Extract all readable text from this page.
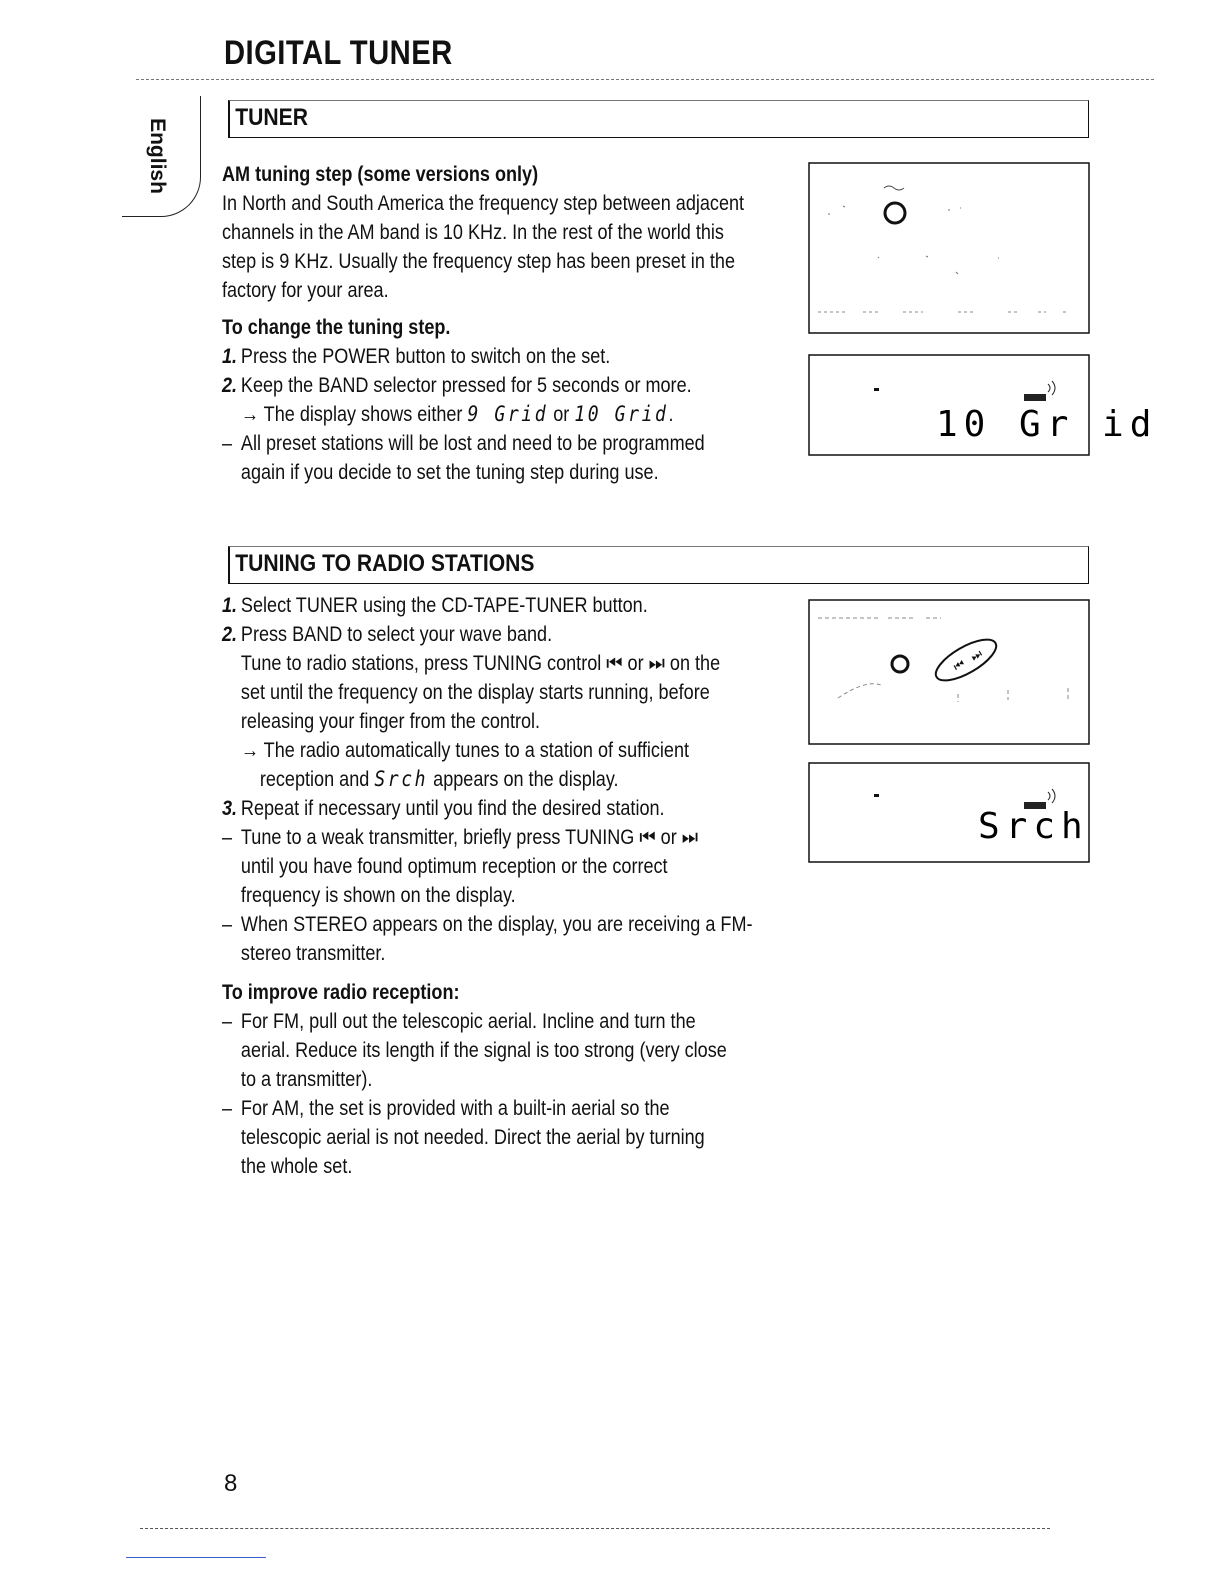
DIGITAL TUNER
English
TUNER

AM tuning step (some versions only)

In North and South America the frequency step between adjacent

channels in the AM band is 10 KHz. In the rest of the world this

step is 9 KHz. Usually the frequency step has been preset in the

factory for your area.

To change the tuning step.

1. Press the POWER button to switch on the set.

2. Keep the BAND selector pressed for 5 seconds or more.

→ The display shows either 9 Grid or 10 Grid.

– All preset stations will be lost and need to be programmed

again if you decide to set the tuning step during use.

10 Gr id
TUNING TO RADIO STATIONS

1. Select TUNER using the CD-TAPE-TUNER button.

2. Press BAND to select your wave band.

Tune to radio stations, press TUNING control ⏮ or ⏭ on the

set until the frequency on the display starts running, before

releasing your finger from the control.

→ The radio automatically tunes to a station of sufficient

reception and Srch appears on the display.

3. Repeat if necessary until you find the desired station.

– Tune to a weak transmitter, briefly press TUNING ⏮ or ⏭

until you have found optimum reception or the correct

frequency is shown on the display.

– When STEREO appears on the display, you are receiving a FM-

stereo transmitter.

To improve radio reception:

– For FM, pull out the telescopic aerial. Incline and turn the

aerial. Reduce its length if the signal is too strong (very close

to a transmitter).

– For AM, the set is provided with a built-in aerial so the

telescopic aerial is not needed. Direct the aerial by turning

the whole set.

⏮
⏭
Srch
8
